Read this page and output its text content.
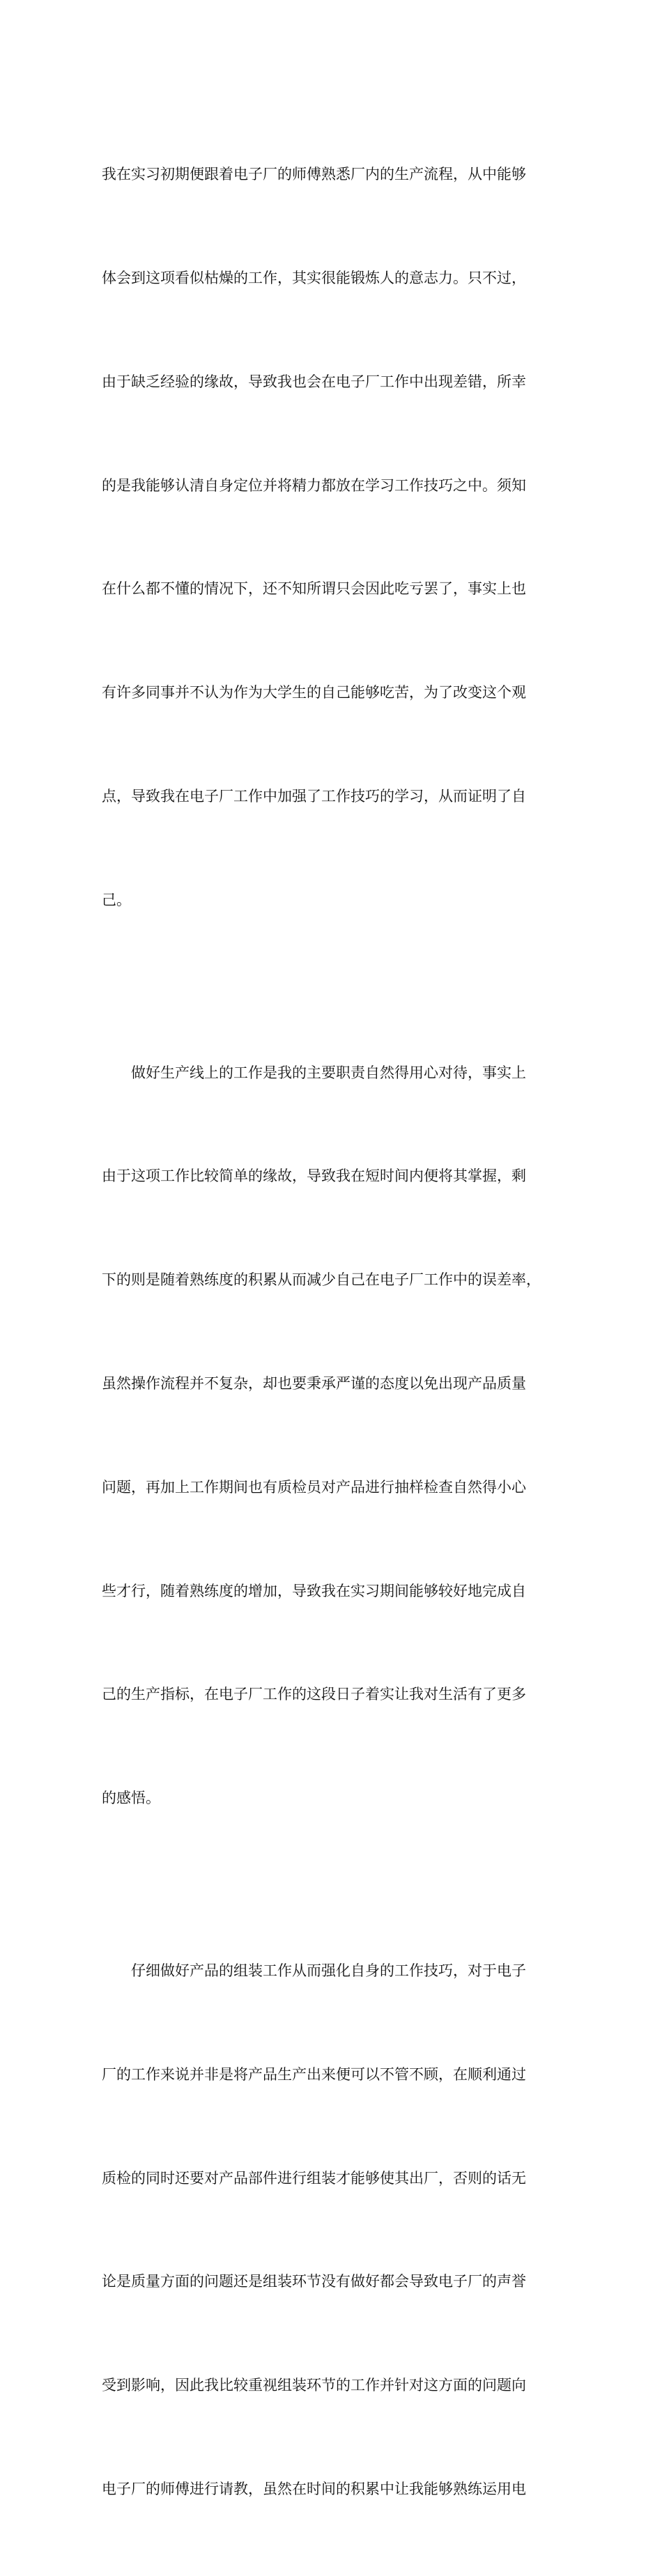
我在实习初期便跟着电子厂的师傅熟悉厂内的生产流程，从中能够

体会到这项看似枯燥的工作，其实很能锻炼人的意志力。只不过，

由于缺乏经验的缘故，导致我也会在电子厂工作中出现差错，所幸

的是我能够认清自身定位并将精力都放在学习工作技巧之中。须知

在什么都不懂的情况下，还不知所谓只会因此吃亏罢了，事实上也

有许多同事并不认为作为大学生的自己能够吃苦，为了改变这个观

点，导致我在电子厂工作中加强了工作技巧的学习，从而证明了自

己。

做好生产线上的工作是我的主要职责自然得用心对待，事实上

由于这项工作比较简单的缘故，导致我在短时间内便将其掌握，剩

下的则是随着熟练度的积累从而减少自己在电子厂工作中的误差率，

虽然操作流程并不复杂，却也要秉承严谨的态度以免出现产品质量

问题，再加上工作期间也有质检员对产品进行抽样检查自然得小心

些才行，随着熟练度的增加，导致我在实习期间能够较好地完成自

己的生产指标，在电子厂工作的这段日子着实让我对生活有了更多

的感悟。

仔细做好产品的组装工作从而强化自身的工作技巧，对于电子

厂的工作来说并非是将产品生产出来便可以不管不顾，在顺利通过

质检的同时还要对产品部件进行组装才能够使其出厂，否则的话无

论是质量方面的问题还是组装环节没有做好都会导致电子厂的声誉

受到影响，因此我比较重视组装环节的工作并针对这方面的问题向

电子厂的师傅进行请教，虽然在时间的积累中让我能够熟练运用电
